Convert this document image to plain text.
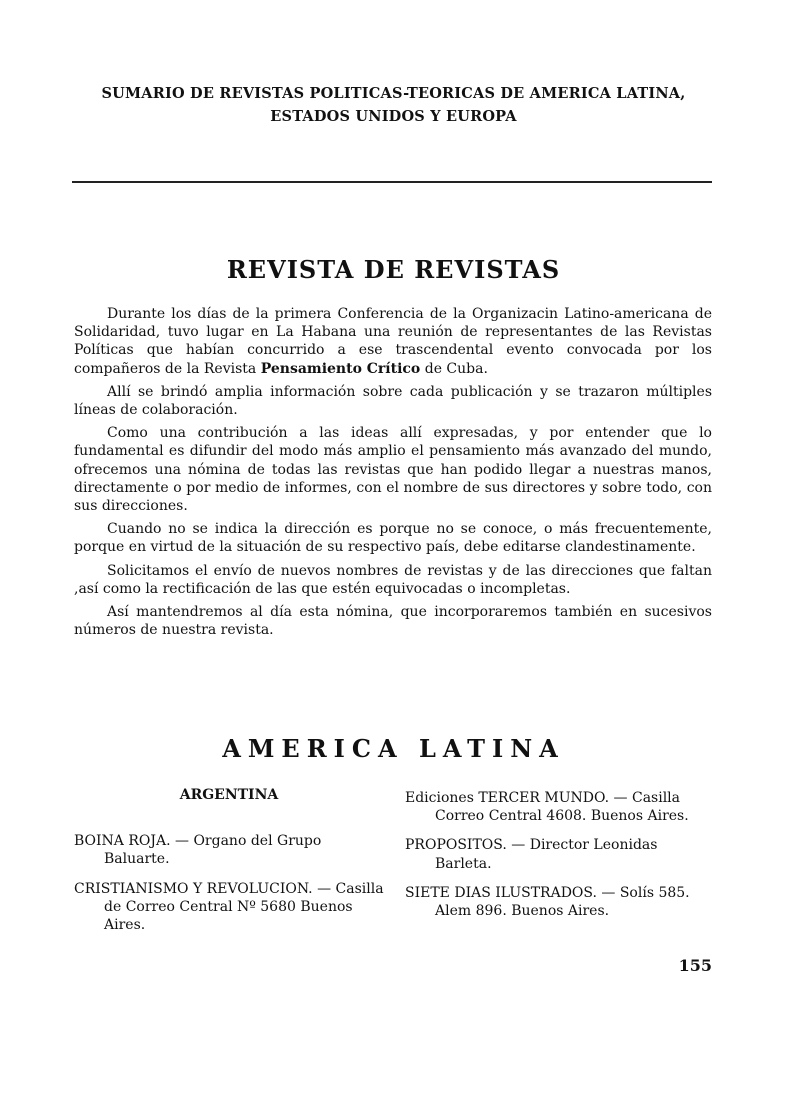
SUMARIO DE REVISTAS POLITICAS-TEORICAS DE AMERICA LATINA,
ESTADOS UNIDOS Y EUROPA
REVISTA DE REVISTAS

Durante los días de la primera Conferencia de la Organizacin Latino-americana de Solidaridad, tuvo lugar en La Habana una reunión de representantes de las Revistas Políticas que habían concurrido a ese trascendental evento convocada por los compañeros de la Revista Pensamiento Crítico de Cuba.

Allí se brindó amplia información sobre cada publicación y se trazaron múltiples líneas de colaboración.

Como una contribución a las ideas allí expresadas, y por entender que lo fundamental es difundir del modo más amplio el pensamiento más avanzado del mundo, ofrecemos una nómina de todas las revistas que han podido llegar a nuestras manos, directamente o por medio de informes, con el nombre de sus directores y sobre todo, con sus direcciones.

Cuando no se indica la dirección es porque no se conoce, o más frecuentemente, porque en virtud de la situación de su respectivo país, debe editarse clandestinamente.

Solicitamos el envío de nuevos nombres de revistas y de las direcciones que faltan ,así como la rectificación de las que estén equivocadas o incompletas.

Así mantendremos al día esta nómina, que incorporaremos también en sucesivos números de nuestra revista.

AMERICA LATINA
ARGENTINA
BOINA ROJA. — Organo del Grupo Baluarte.
CRISTIANISMO Y REVOLUCION. — Casilla de Correo Central Nº 5680 Buenos Aires.
Ediciones TERCER MUNDO. — Casilla Correo Central 4608. Buenos Aires.
PROPOSITOS. — Director Leonidas Barleta.
SIETE DIAS ILUSTRADOS. — Solís 585. Alem 896. Buenos Aires.
155
